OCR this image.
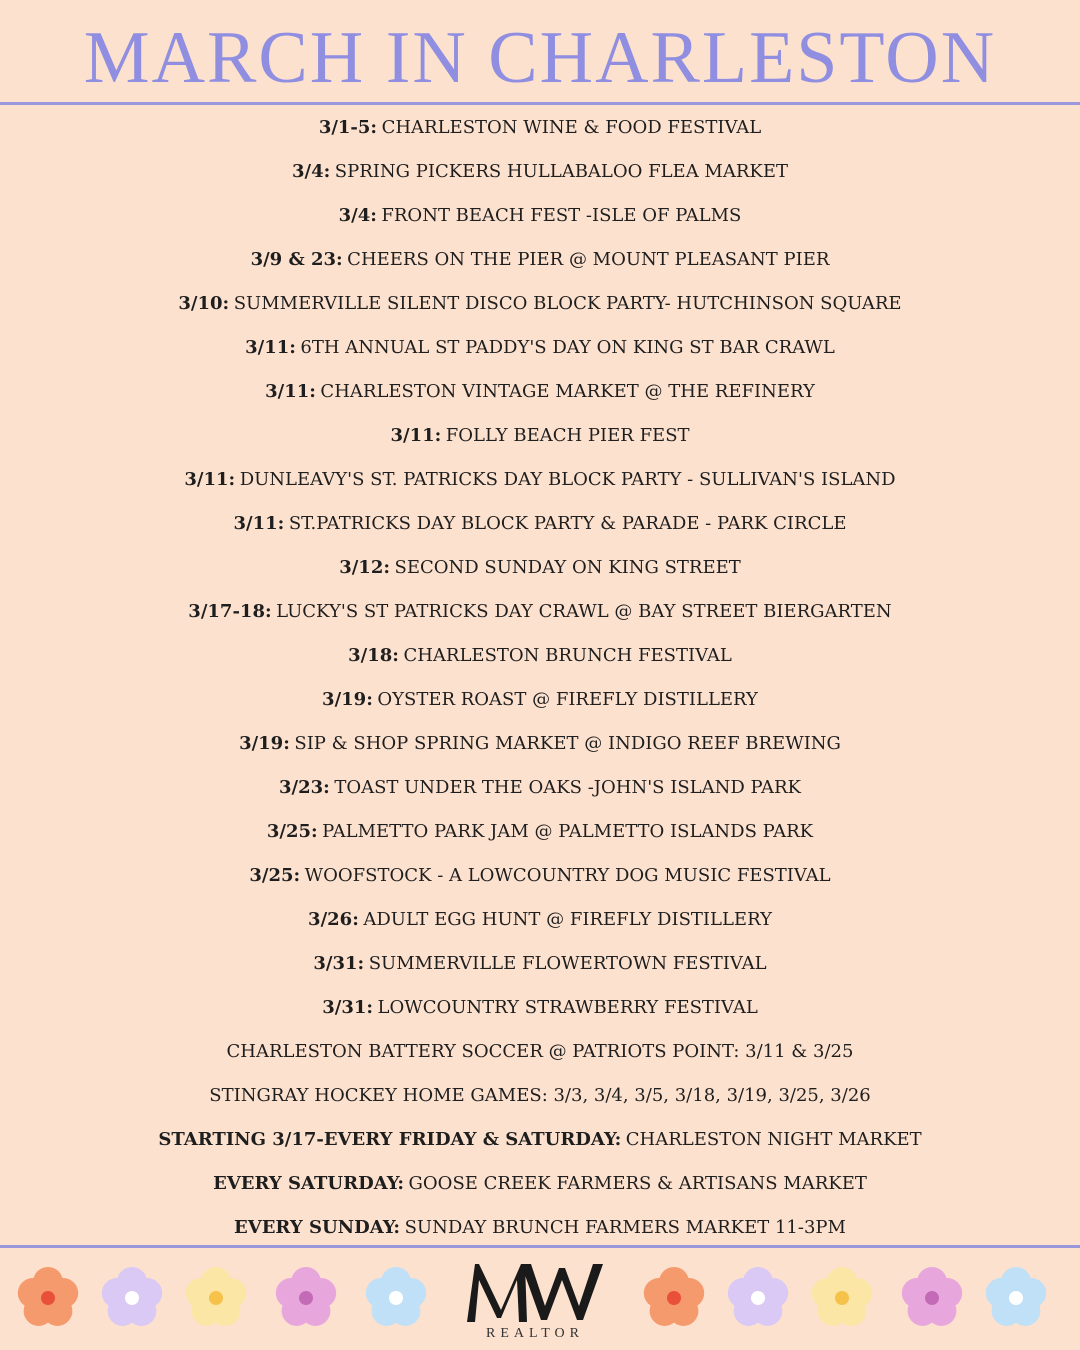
MARCH IN CHARLESTON
3/1-5: CHARLESTON WINE & FOOD FESTIVAL
3/4: SPRING PICKERS HULLABALOO FLEA MARKET
3/4: FRONT BEACH FEST -ISLE OF PALMS
3/9 & 23: CHEERS ON THE PIER @ MOUNT PLEASANT PIER
3/10: SUMMERVILLE SILENT DISCO BLOCK PARTY- HUTCHINSON SQUARE
3/11: 6TH ANNUAL ST PADDY'S DAY ON KING ST BAR CRAWL
3/11: CHARLESTON VINTAGE MARKET @ THE REFINERY
3/11: FOLLY BEACH PIER FEST
3/11: DUNLEAVY'S ST. PATRICKS DAY BLOCK PARTY - SULLIVAN'S ISLAND
3/11: ST.PATRICKS DAY BLOCK PARTY & PARADE - PARK CIRCLE
3/12: SECOND SUNDAY ON KING STREET
3/17-18: LUCKY'S ST PATRICKS DAY CRAWL @ BAY STREET BIERGARTEN
3/18: CHARLESTON BRUNCH FESTIVAL
3/19: OYSTER ROAST @ FIREFLY DISTILLERY
3/19: SIP & SHOP SPRING MARKET @ INDIGO REEF BREWING
3/23: TOAST UNDER THE OAKS -JOHN'S ISLAND PARK
3/25: PALMETTO PARK JAM @ PALMETTO ISLANDS PARK
3/25: WOOFSTOCK - A LOWCOUNTRY DOG MUSIC FESTIVAL
3/26: ADULT EGG HUNT @ FIREFLY DISTILLERY
3/31: SUMMERVILLE FLOWERTOWN FESTIVAL
3/31: LOWCOUNTRY STRAWBERRY FESTIVAL
CHARLESTON BATTERY SOCCER @ PATRIOTS POINT: 3/11 & 3/25
STINGRAY HOCKEY HOME GAMES: 3/3, 3/4, 3/5, 3/18, 3/19, 3/25, 3/26
STARTING 3/17-EVERY FRIDAY & SATURDAY: CHARLESTON NIGHT MARKET
EVERY SATURDAY: GOOSE CREEK FARMERS & ARTISANS MARKET
EVERY SUNDAY: SUNDAY BRUNCH FARMERS MARKET 11-3PM
REALTOR
